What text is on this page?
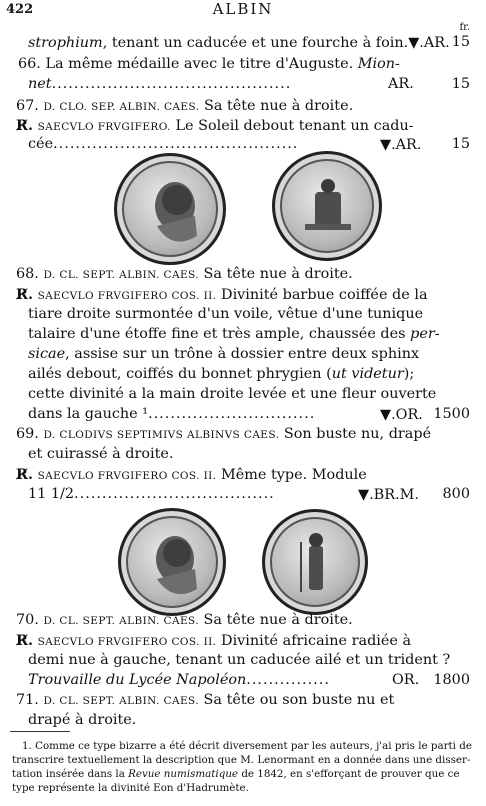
422	ALBIN
fr.
strophium, tenant un caducée et une fourche à foin.▼.AR. 15
66. La même médaille avec le titre d'Auguste. Mion-
net...........................................	AR.	15
67. D. CLO. SEP. ALBIN. CAES. Sa tête nue à droite.
R̸. SAECVLO FRVGIFERO. Le Soleil debout tenant un cadu-
cée............................................	▼.AR. 15
68. D. CL. SEPT. ALBIN. CAES. Sa tête nue à droite.
R̸. SAECVLO FRVGIFERO COS. II. Divinité barbue coiffée de la
tiare droite surmontée d'un voile, vêtue d'une tunique
talaire d'une étoffe fine et très ample, chaussée des per-
sicae, assise sur un trône à dossier entre deux sphinx
ailés debout, coiffés du bonnet phrygien (ut videtur);
cette divinité a la main droite levée et une fleur ouverte
dans la gauche ¹..............................	▼.OR. 1500
69. D. CLODIVS SEPTIMIVS ALBINVS CAES. Son buste nu, drapé
et cuirassé à droite.
R̸. SAECVLO FRVGIFERO COS. II. Même type. Module
11 1/2....................................	▼.BR.M. 800
70. D. CL. SEPT. ALBIN. CAES. Sa tête nue à droite.
R̸. SAECVLO FRVGIFERO COS. II. Divinité africaine radiée à
demi nue à gauche, tenant un caducée ailé et un trident ?
Trouvaille du Lycée Napoléon...............	OR. 1800
71. D. CL. SEPT. ALBIN. CAES. Sa tête ou son buste nu et
drapé à droite.
1. Comme ce type bizarre a été décrit diversement par les auteurs, j'ai pris le parti de
transcrire textuellement la description que M. Lenormant en a donnée dans une disser-
tation insérée dans la Revue numismatique de 1842, en s'efforçant de prouver que ce
type représente la divinité Eon d'Hadrumète.
